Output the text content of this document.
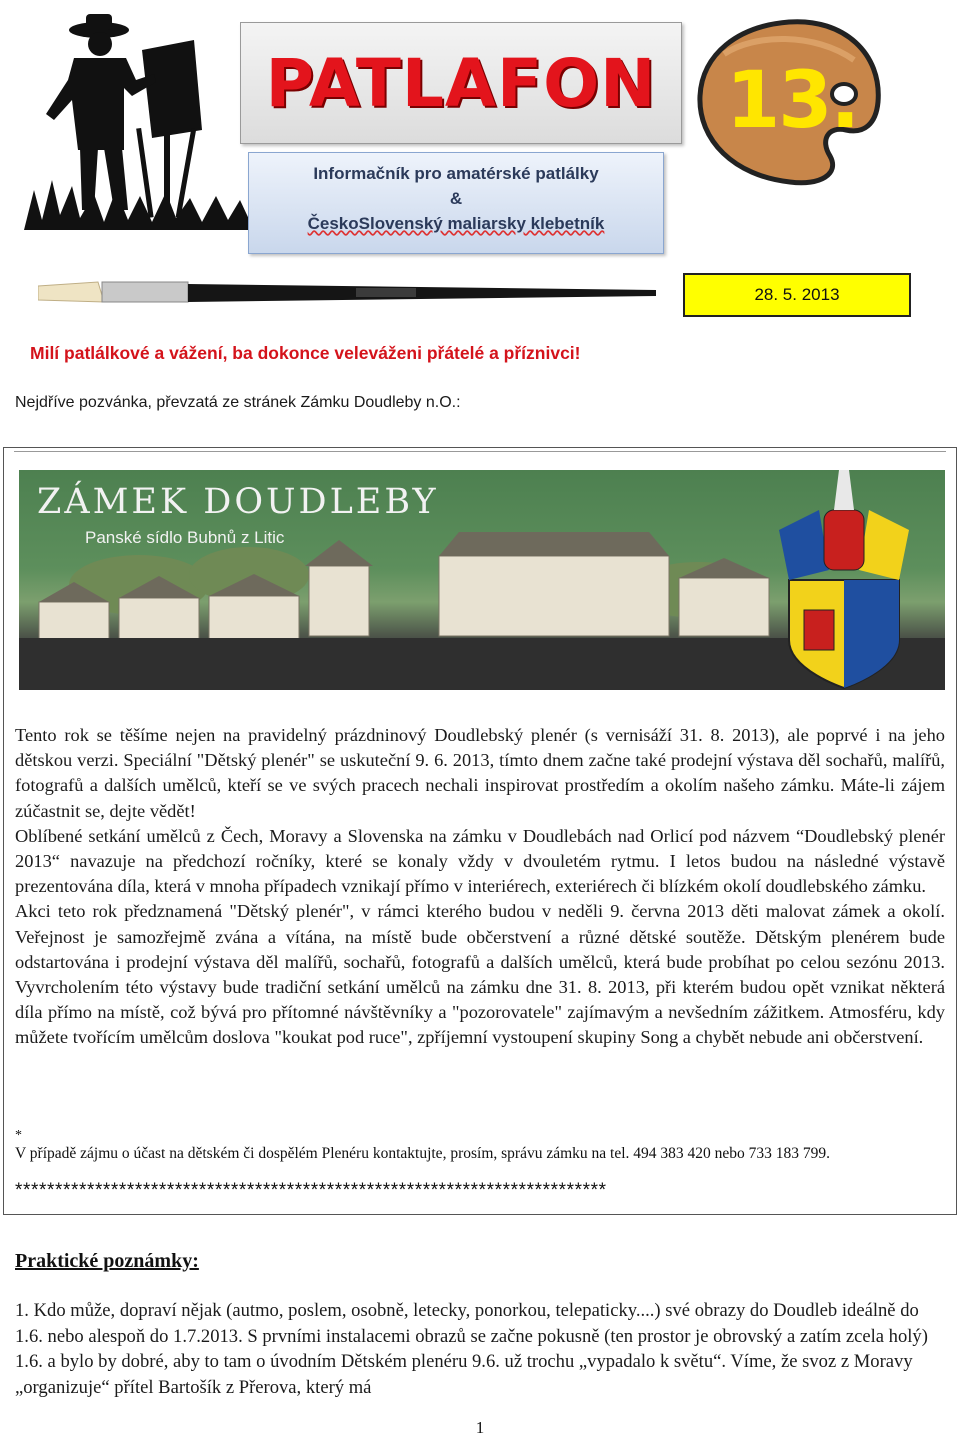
PATLAFON
Informačník pro amatérské patlálky
&
ČeskoSlovenský maliarsky klebetník
13.
28. 5. 2013
Milí patlálkové a vážení, ba dokonce veleváženi přátelé a příznivci!
Nejdříve pozvánka, převzatá ze stránek Zámku Doudleby n.O.:
ZÁMEK DOUDLEBY
Panské sídlo Bubnů z Litic

Tento rok se těšíme nejen na pravidelný prázdninový Doudlebský plenér (s vernisáží 31. 8. 2013), ale poprvé i na jeho dětskou verzi. Speciální "Dětský plenér" se uskuteční 9. 6. 2013, tímto dnem začne také prodejní výstava děl sochařů, malířů, fotografů a dalších umělců, kteří se ve svých pracech nechali inspirovat prostředím a okolím našeho zámku. Máte-li zájem zúčastnit se, dejte vědět!

Oblíbené setkání umělců z Čech, Moravy a Slovenska na zámku v Doudlebách nad Orlicí pod názvem “Doudlebský plenér 2013“ navazuje na předchozí ročníky, které se konaly vždy v dvouletém rytmu. I letos budou na následné výstavě prezentována díla, která v mnoha případech vznikají přímo v interiérech, exteriérech či blízkém okolí doudlebského zámku.

Akci teto rok předznamená "Dětský plenér", v rámci kterého budou v neděli 9. června 2013 děti malovat zámek a okolí. Veřejnost je samozřejmě zvána a vítána, na místě bude občerstvení a různé dětské soutěže. Dětským plenérem bude odstartována i prodejní výstava děl malířů, sochařů, fotografů a dalších umělců, která bude probíhat po celou sezónu 2013. Vyvrcholením této výstavy bude tradiční setkání umělců na zámku dne 31. 8. 2013, při kterém budou opět vznikat některá díla přímo na místě, což bývá pro přítomné návštěvníky a "pozorovatele" zajímavým a nevšedním zážitkem. Atmosféru, kdy můžete tvořícím umělcům doslova "koukat pod ruce", zpříjemní vystoupení skupiny Song a chybět nebude ani občerstvení.

*
V případě zájmu o účast na dětském či dospělém Plenéru kontaktujte, prosím, správu zámku na tel. 494 383 420 nebo 733 183 799.
**************************************************************************
Praktické poznámky:
1. Kdo může, dopraví nějak (autmo, poslem, osobně, letecky, ponorkou, telepaticky....) své obrazy do Doudleb ideálně do 1.6. nebo alespoň do 1.7.2013. S prvními instalacemi obrazů se začne pokusně (ten prostor je obrovský a zatím zcela holý) 1.6. a bylo by dobré, aby to tam o úvodním Dětském plenéru 9.6. už trochu „vypadalo k světu“. Víme, že svoz z Moravy „organizuje“ přítel Bartošík z Přerova, který má
1
